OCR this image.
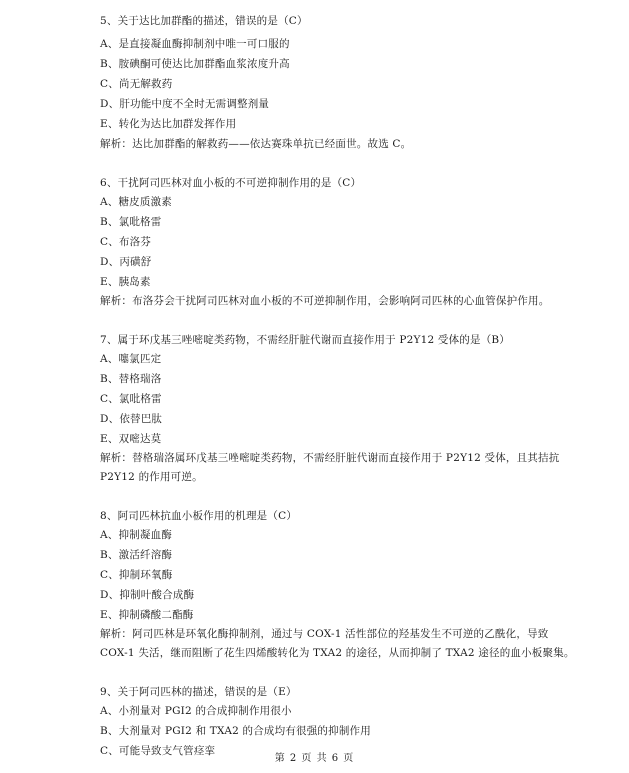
5、关于达比加群酯的描述，错误的是（C）
A、是直接凝血酶抑制剂中唯一可口服的
B、胺碘酮可使达比加群酯血浆浓度升高
C、尚无解救药
D、肝功能中度不全时无需调整剂量
E、转化为达比加群发挥作用
解析：达比加群酯的解救药——依达赛珠单抗已经面世。故选 C。
6、干扰阿司匹林对血小板的不可逆抑制作用的是（C）
A、糖皮质激素
B、氯吡格雷
C、布洛芬
D、丙磺舒
E、胰岛素
解析：布洛芬会干扰阿司匹林对血小板的不可逆抑制作用，会影响阿司匹林的心血管保护作用。
7、属于环戊基三唑嘧啶类药物，不需经肝脏代谢而直接作用于 P2Y12 受体的是（B）
A、噻氯匹定
B、替格瑞洛
C、氯吡格雷
D、依替巴肽
E、双嘧达莫
解析：替格瑞洛属环戊基三唑嘧啶类药物，不需经肝脏代谢而直接作用于 P2Y12 受体，且其拮抗
P2Y12 的作用可逆。
8、阿司匹林抗血小板作用的机理是（C）
A、抑制凝血酶
B、激活纤溶酶
C、抑制环氧酶
D、抑制叶酸合成酶
E、抑制磷酸二酯酶
解析：阿司匹林是环氧化酶抑制剂，通过与 COX-1 活性部位的羟基发生不可逆的乙酰化，导致
COX-1 失活，继而阻断了花生四烯酸转化为 TXA2 的途径，从而抑制了 TXA2 途径的血小板聚集。
9、关于阿司匹林的描述，错误的是（E）
A、小剂量对 PGI2 的合成抑制作用很小
B、大剂量对 PGI2 和 TXA2 的合成均有很强的抑制作用
C、可能导致支气管痉挛
第 2 页 共 6 页
